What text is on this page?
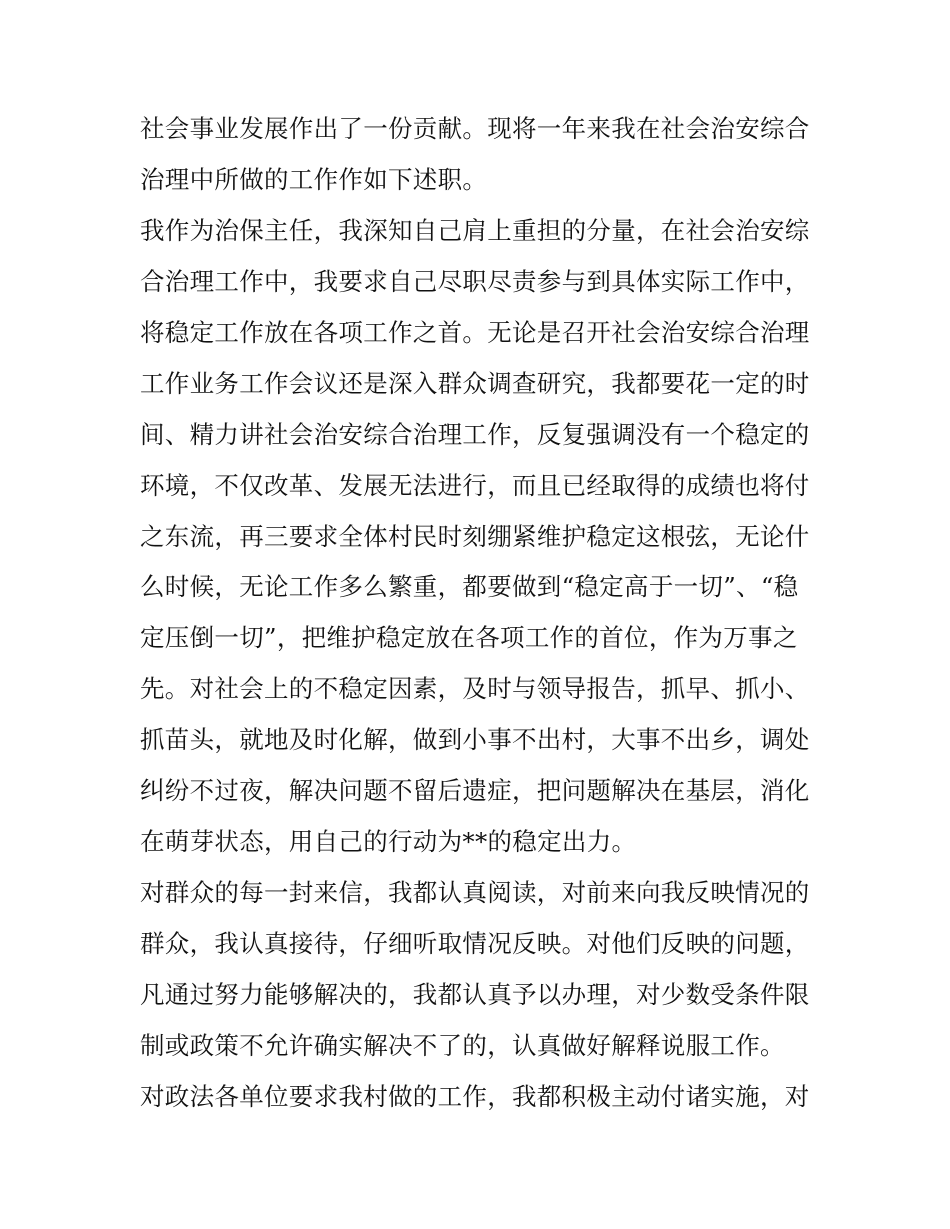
社会事业发展作出了一份贡献。现将一年来我在社会治安综合
治理中所做的工作作如下述职。
我作为治保主任，我深知自己肩上重担的分量，在社会治安综
合治理工作中，我要求自己尽职尽责参与到具体实际工作中，
将稳定工作放在各项工作之首。无论是召开社会治安综合治理
工作业务工作会议还是深入群众调查研究，我都要花一定的时
间、精力讲社会治安综合治理工作，反复强调没有一个稳定的
环境，不仅改革、发展无法进行，而且已经取得的成绩也将付
之东流，再三要求全体村民时刻绷紧维护稳定这根弦，无论什
么时候，无论工作多么繁重，都要做到“稳定高于一切”、“稳
定压倒一切”，把维护稳定放在各项工作的首位，作为万事之
先。对社会上的不稳定因素，及时与领导报告，抓早、抓小、
抓苗头，就地及时化解，做到小事不出村，大事不出乡，调处
纠纷不过夜，解决问题不留后遗症，把问题解决在基层，消化
在萌芽状态，用自己的行动为**的稳定出力。
对群众的每一封来信，我都认真阅读，对前来向我反映情况的
群众，我认真接待，仔细听取情况反映。对他们反映的问题，
凡通过努力能够解决的，我都认真予以办理，对少数受条件限
制或政策不允许确实解决不了的，认真做好解释说服工作。
对政法各单位要求我村做的工作，我都积极主动付诸实施，对
